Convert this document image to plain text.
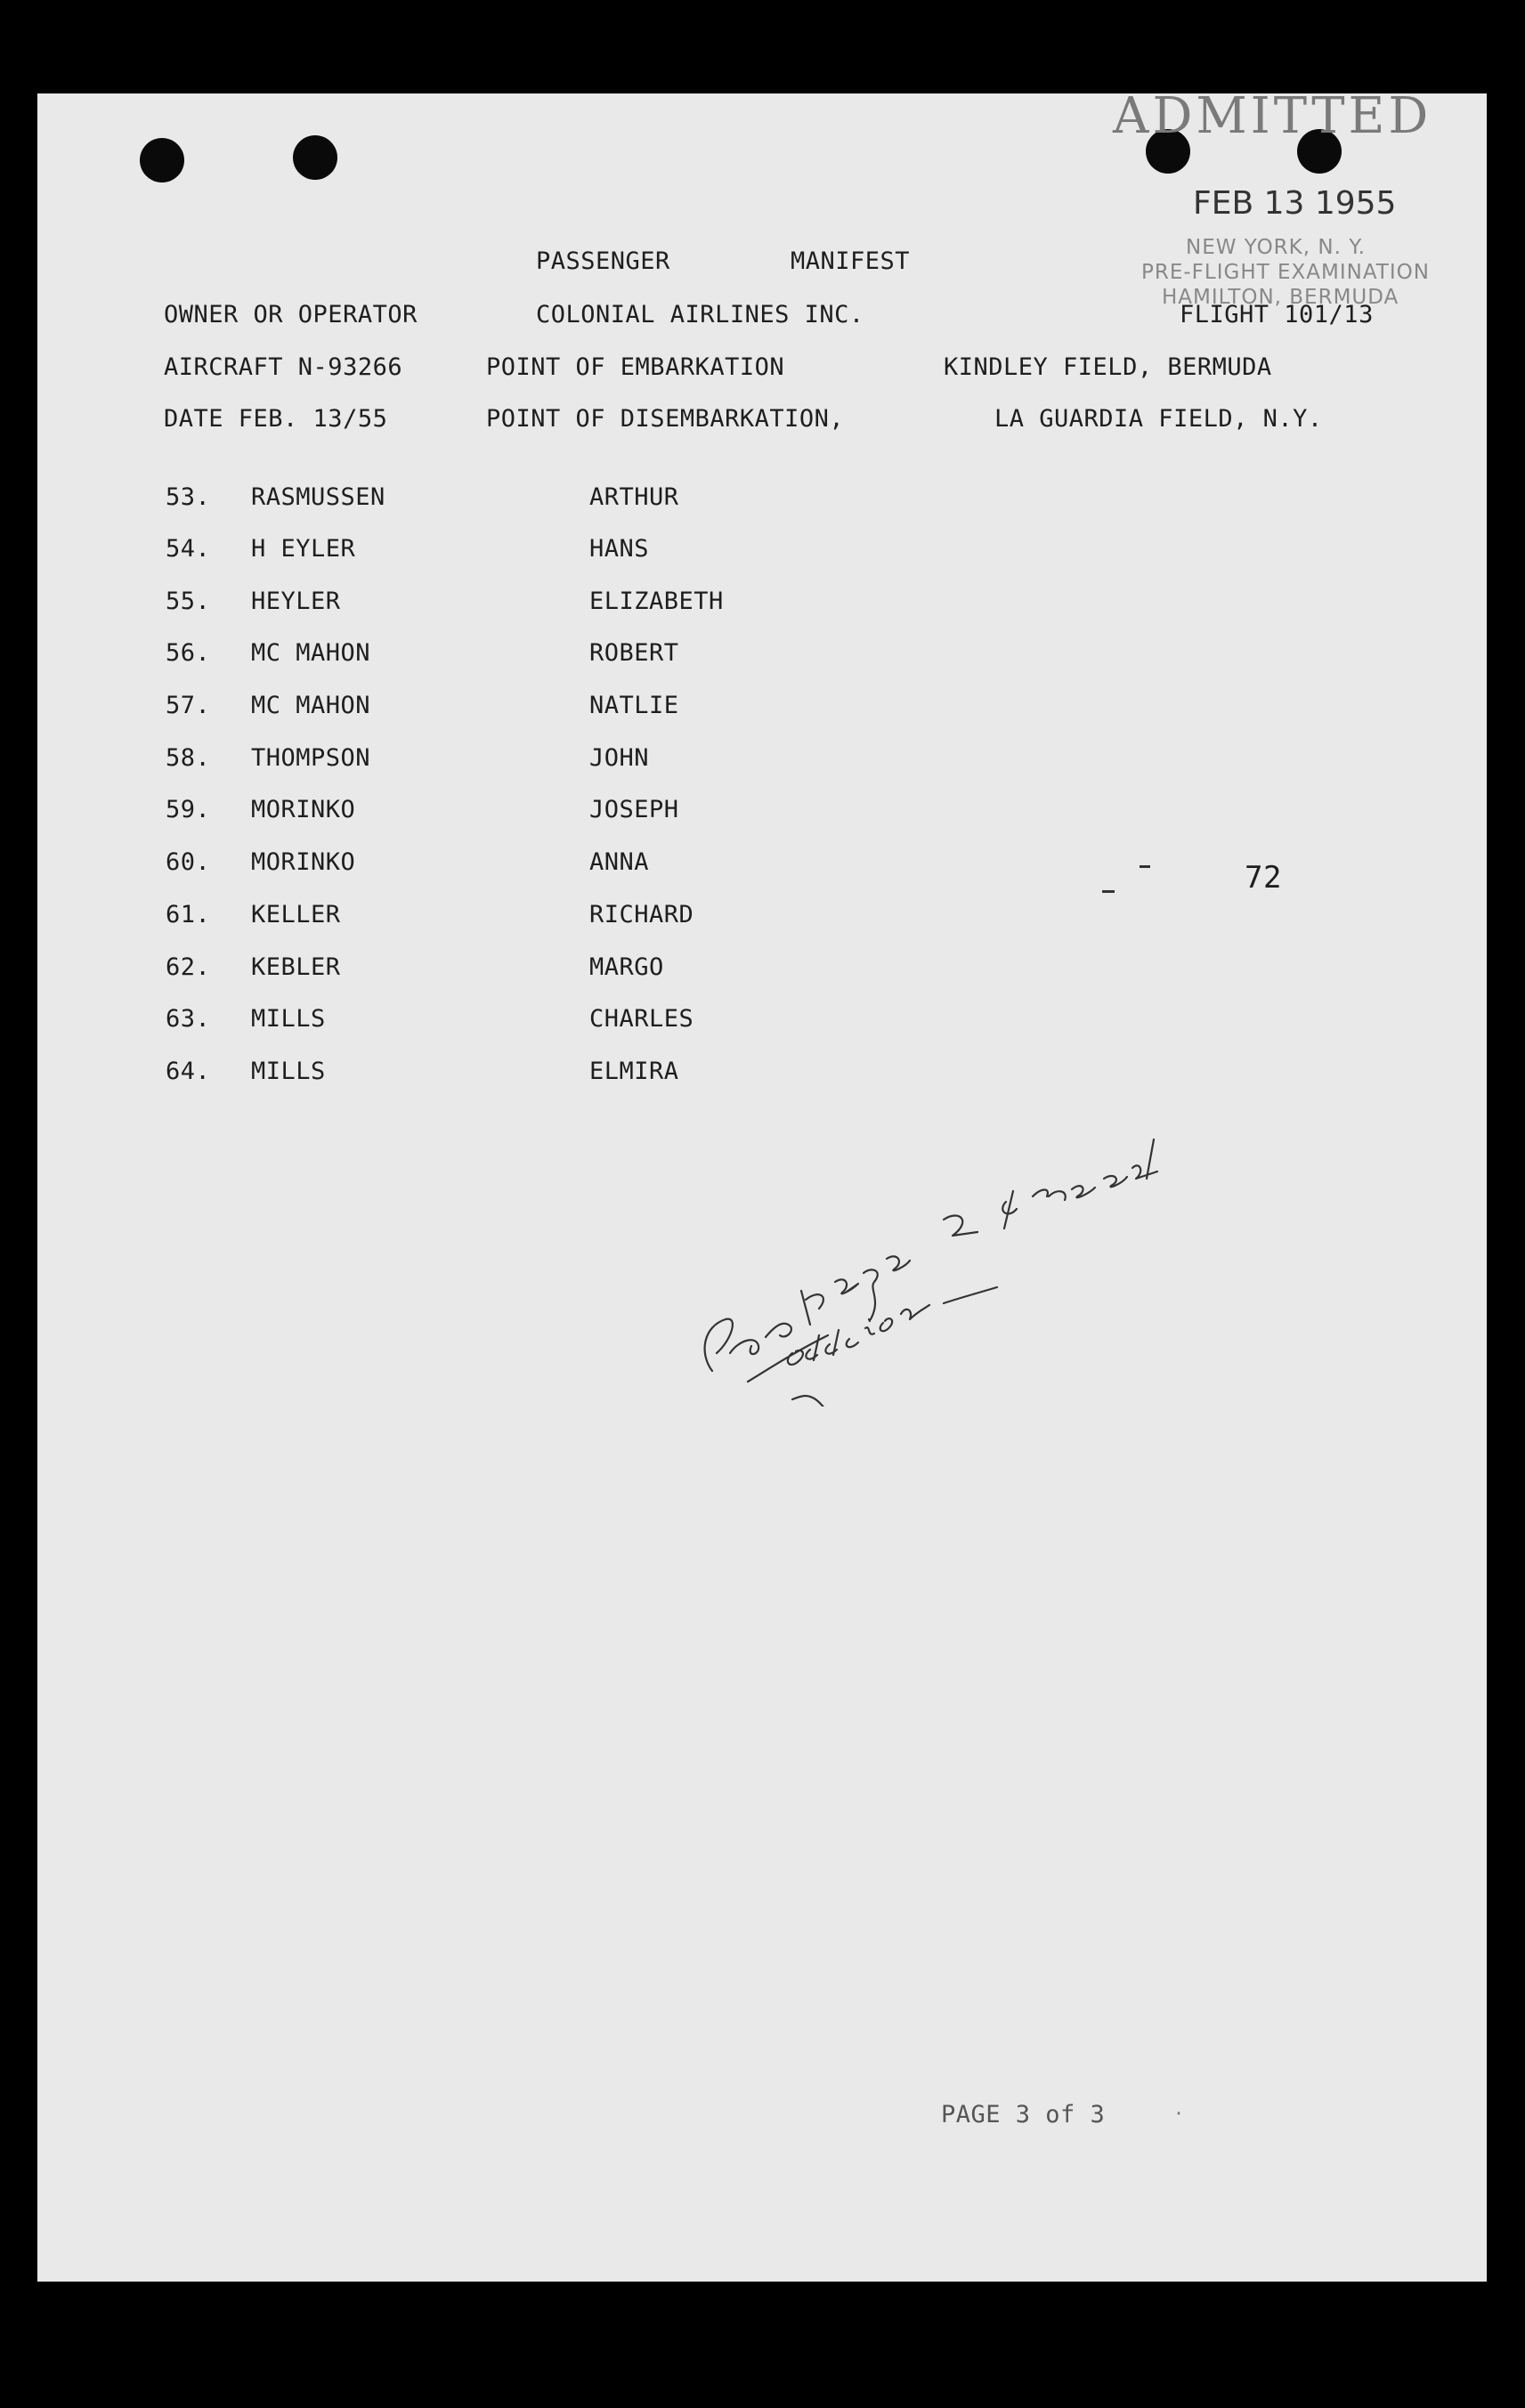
ADMITTED
FEB 13 1955
NEW YORK, N. Y.
PRE-FLIGHT EXAMINATION
HAMILTON, BERMUDA
PASSENGER	MANIFEST
OWNER OR OPERATOR	COLONIAL AIRLINES INC.	FLIGHT 101/13
AIRCRAFT N-93266	POINT OF EMBARKATION	KINDLEY FIELD, BERMUDA
DATE FEB. 13/55	POINT OF DISEMBARKATION,	LA GUARDIA FIELD, N.Y.
53. RASMUSSEN	ARTHUR
54. H EYLER	HANS
55. HEYLER	ELIZABETH
56. MC MAHON	ROBERT
57. MC MAHON	NATLIE
58. THOMPSON	JOHN
59. MORINKO	JOSEPH
60. MORINKO	ANNA
61. KELLER	RICHARD
62. KEBLER	MARGO
63. MILLS	CHARLES
64. MILLS	ELMIRA
72
PAGE 3 of 3	·
